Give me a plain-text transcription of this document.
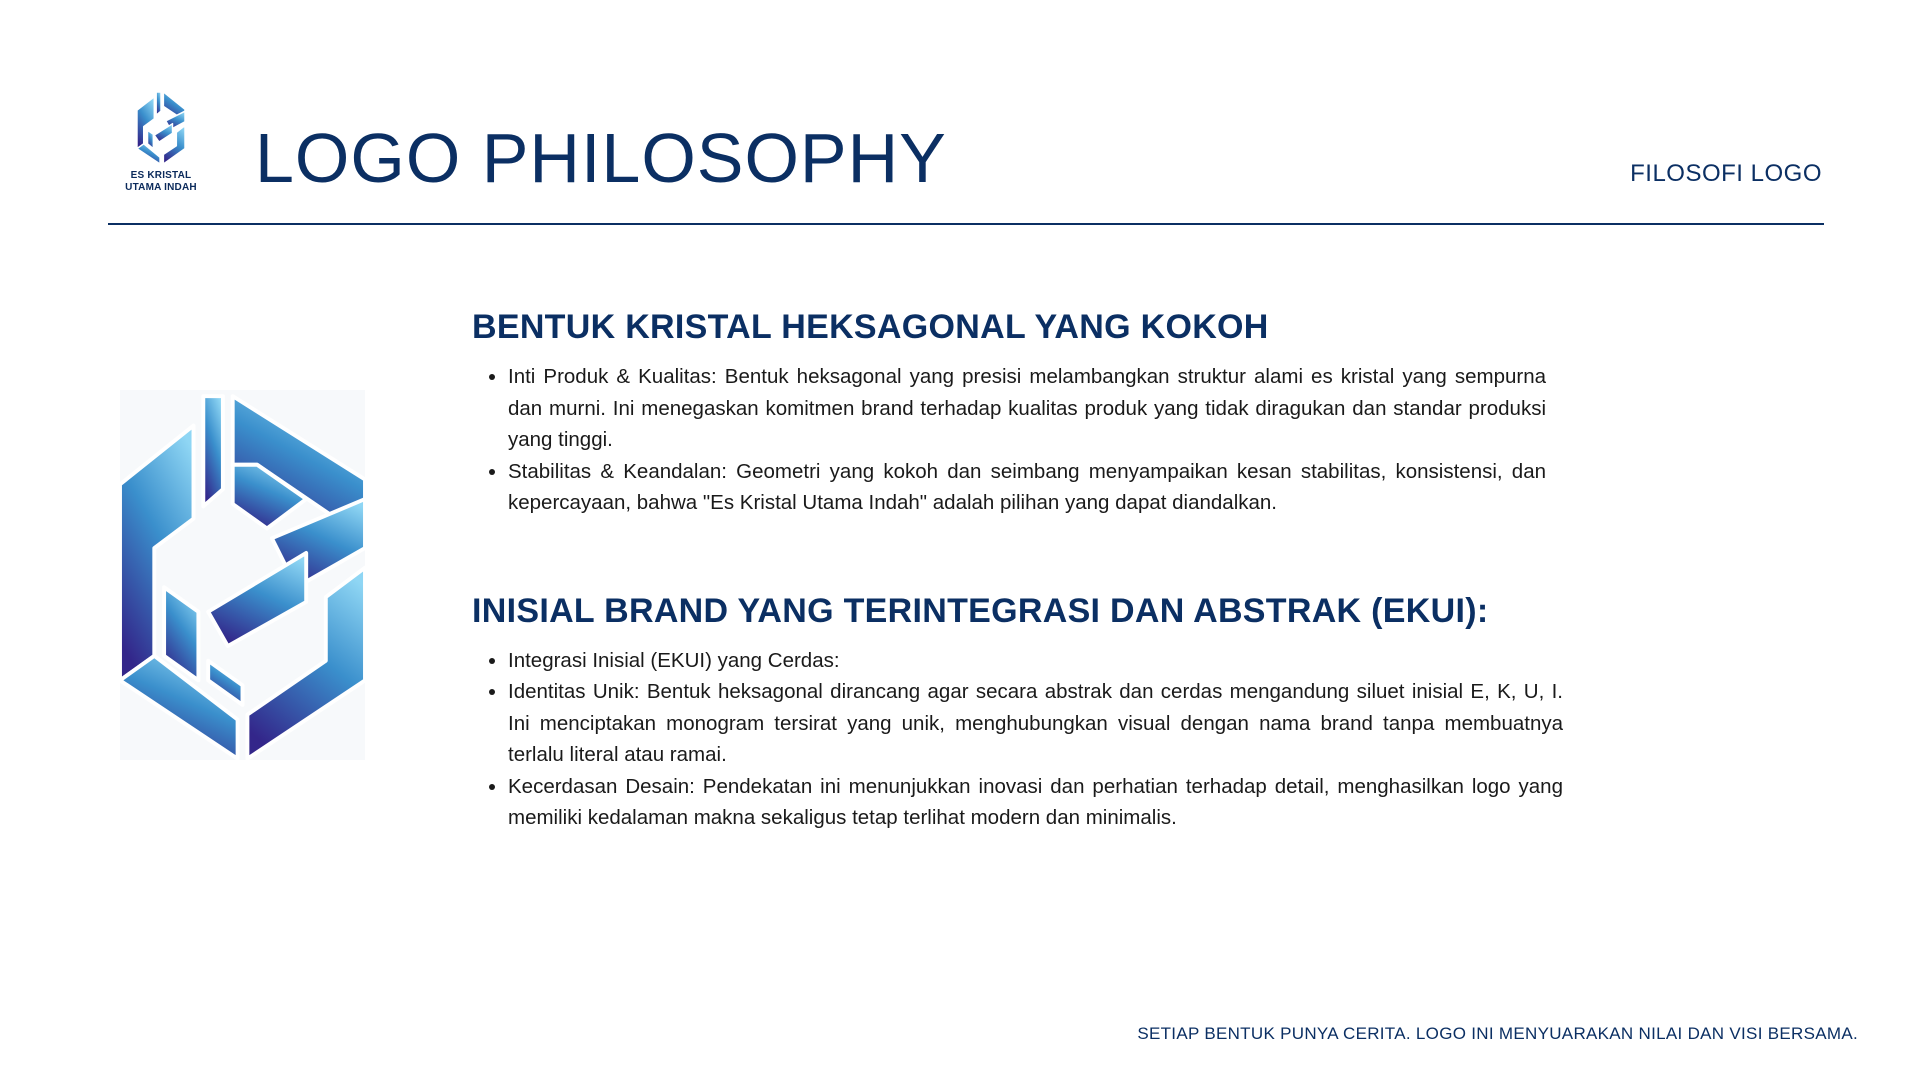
ES KRISTAL
UTAMA INDAH LOGO PHILOSOPHY	FILOSOFI LOGO
BENTUK KRISTAL HEKSAGONAL YANG KOKOH
• Inti Produk & Kualitas: Bentuk heksagonal yang presisi melambangkan struktur alami es kristal yang sempurna dan murni. Ini menegaskan komitmen brand terhadap kualitas produk yang tidak diragukan dan standar produksi yang tinggi.
• Stabilitas & Keandalan: Geometri yang kokoh dan seimbang menyampaikan kesan stabilitas, konsistensi, dan kepercayaan, bahwa "Es Kristal Utama Indah" adalah pilihan yang dapat diandalkan.
INISIAL BRAND YANG TERINTEGRASI DAN ABSTRAK (EKUI):
• Integrasi Inisial (EKUI) yang Cerdas:
• Identitas Unik: Bentuk heksagonal dirancang agar secara abstrak dan cerdas mengandung siluet inisial E, K, U, I. Ini menciptakan monogram tersirat yang unik, menghubungkan visual dengan nama brand tanpa membuatnya terlalu literal atau ramai.
• Kecerdasan Desain: Pendekatan ini menunjukkan inovasi dan perhatian terhadap detail, menghasilkan logo yang memiliki kedalaman makna sekaligus tetap terlihat modern dan minimalis.
SETIAP BENTUK PUNYA CERITA. LOGO INI MENYUARAKAN NILAI DAN VISI BERSAMA.
